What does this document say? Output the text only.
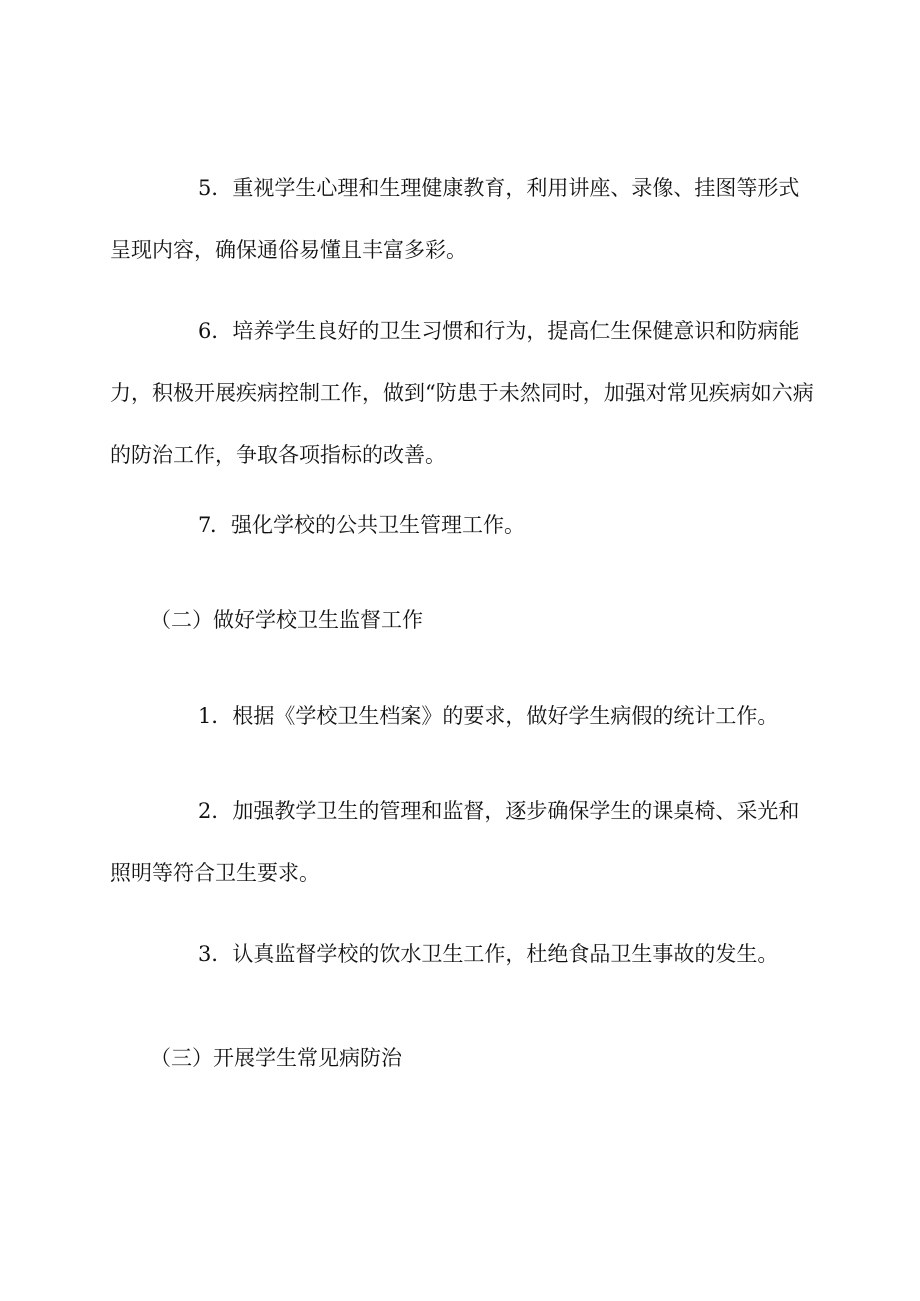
5．重视学生心理和生理健康教育，利用讲座、录像、挂图等形式呈现内容，确保通俗易懂且丰富多彩。

6．培养学生良好的卫生习惯和行为，提高仁生保健意识和防病能力，积极开展疾病控制工作，做到“防患于未然同时，加强对常见疾病如六病的防治工作，争取各项指标的改善。

7．强化学校的公共卫生管理工作。

（二）做好学校卫生监督工作

1．根据《学校卫生档案》的要求，做好学生病假的统计工作。

2．加强教学卫生的管理和监督，逐步确保学生的课桌椅、采光和照明等符合卫生要求。

3．认真监督学校的饮水卫生工作，杜绝食品卫生事故的发生。

（三）开展学生常见病防治
